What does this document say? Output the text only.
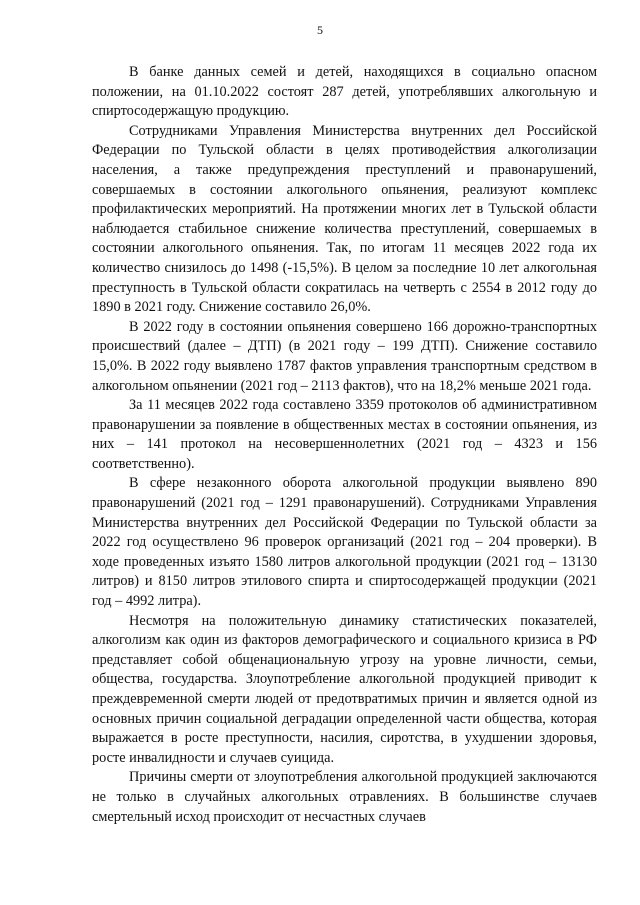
5

В банке данных семей и детей, находящихся в социально опасном положении, на 01.10.2022 состоят 287 детей, употреблявших алкогольную и спиртосодержащую продукцию.

Сотрудниками Управления Министерства внутренних дел Российской Федерации по Тульской области в целях противодействия алкоголизации населения, а также предупреждения преступлений и правонарушений, совершаемых в состоянии алкогольного опьянения, реализуют комплекс профилактических мероприятий. На протяжении многих лет в Тульской области наблюдается стабильное снижение количества преступлений, совершаемых в состоянии алкогольного опьянения. Так, по итогам 11 месяцев 2022 года их количество снизилось до 1498 (-15,5%). В целом за последние 10 лет алкогольная преступность в Тульской области сократилась на четверть с 2554 в 2012 году до 1890 в 2021 году. Снижение составило 26,0%.

В 2022 году в состоянии опьянения совершено 166 дорожно-транспортных происшествий (далее – ДТП) (в 2021 году – 199 ДТП). Снижение составило 15,0%. В 2022 году выявлено 1787 фактов управления транспортным средством в алкогольном опьянении (2021 год – 2113 фактов), что на 18,2% меньше 2021 года.

За 11 месяцев 2022 года составлено 3359 протоколов об административном правонарушении за появление в общественных местах в состоянии опьянения, из них – 141 протокол на несовершеннолетних (2021 год – 4323 и 156 соответственно).

В сфере незаконного оборота алкогольной продукции выявлено 890 правонарушений (2021 год – 1291 правонарушений). Сотрудниками Управления Министерства внутренних дел Российской Федерации по Тульской области за 2022 год осуществлено 96 проверок организаций (2021 год – 204 проверки). В ходе проведенных изъято 1580 литров алкогольной продукции (2021 год – 13130 литров) и 8150 литров этилового спирта и спиртосодержащей продукции (2021 год – 4992 литра).

Несмотря на положительную динамику статистических показателей, алкоголизм как один из факторов демографического и социального кризиса в РФ представляет собой общенациональную угрозу на уровне личности, семьи, общества, государства. Злоупотребление алкогольной продукцией приводит к преждевременной смерти людей от предотвратимых причин и является одной из основных причин социальной деградации определенной части общества, которая выражается в росте преступности, насилия, сиротства, в ухудшении здоровья, росте инвалидности и случаев суицида.

Причины смерти от злоупотребления алкогольной продукцией заключаются не только в случайных алкогольных отравлениях. В большинстве случаев смертельный исход происходит от несчастных случаев
